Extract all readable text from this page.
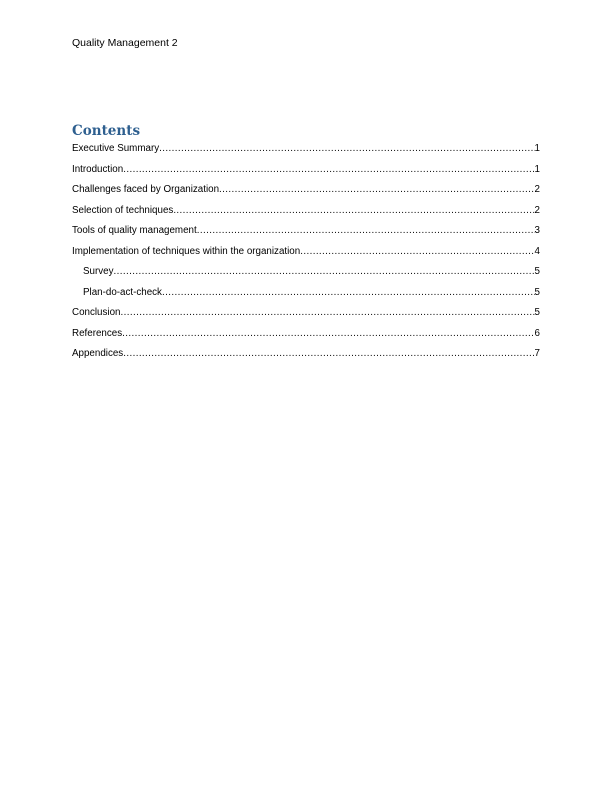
Quality Management 2
Contents
Executive Summary .....	1
Introduction .....	1
Challenges faced by Organization .....	2
Selection of techniques .....	2
Tools of quality management .....	3
Implementation of techniques within the organization .....	4
Survey .....	5
Plan-do-act-check .....	5
Conclusion .....	5
References .....	6
Appendices .....	7
